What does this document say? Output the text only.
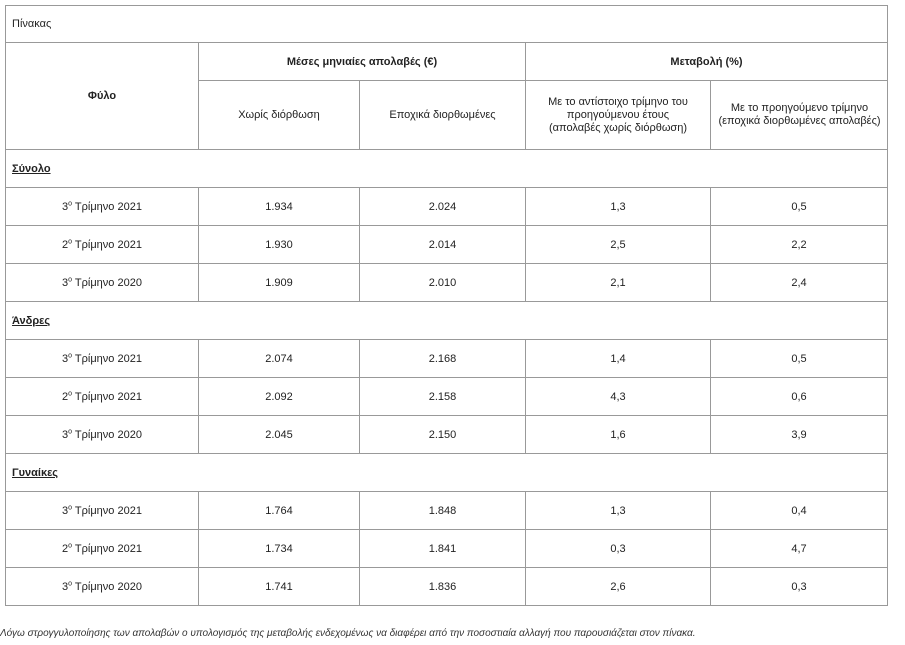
Πίνακας				
Φύλο	Μέσες μηνιαίες απολαβές (€)		Μεταβολή (%)	
	Χωρίς διόρθωση	Εποχικά διορθωμένες	Με το αντίστοιχο τρίμηνο του προηγούμενου έτους (απολαβές χωρίς διόρθωση)	Με το προηγούμενο τρίμηνο (εποχικά διορθωμένες απολαβές)

Σύνολο				
$3^o$ Τρίμηνο 2021	1.934	2.024	1,3	0,5
$2^o$ Τρίμηνο 2021	1.930	2.014	2,5	2,2
$3^o$ Τρίμηνο 2020	1.909	2.010	2,1	2,4
Άνδρες				
$3^o$ Τρίμηνο 2021	2.074	2.168	1,4	0,5
$2^o$ Τρίμηνο 2021	2.092	2.158	4,3	0,6
$3^o$ Τρίμηνο 2020	2.045	2.150	1,6	3,9
Γυναίκες				
$3^o$ Τρίμηνο 2021	1.764	1.848	1,3	0,4
$2^o$ Τρίμηνο 2021	1.734	1.841	0,3	4,7
$3^o$ Τρίμηνο 2020	1.741	1.836	2,6	0,3
Λόγω στρογγυλοποίησης των απολαβών ο υπολογισμός της μεταβολής ενδεχομένως να διαφέρει από την ποσοστιαία αλλαγή που παρουσιάζεται στον πίνακα.
